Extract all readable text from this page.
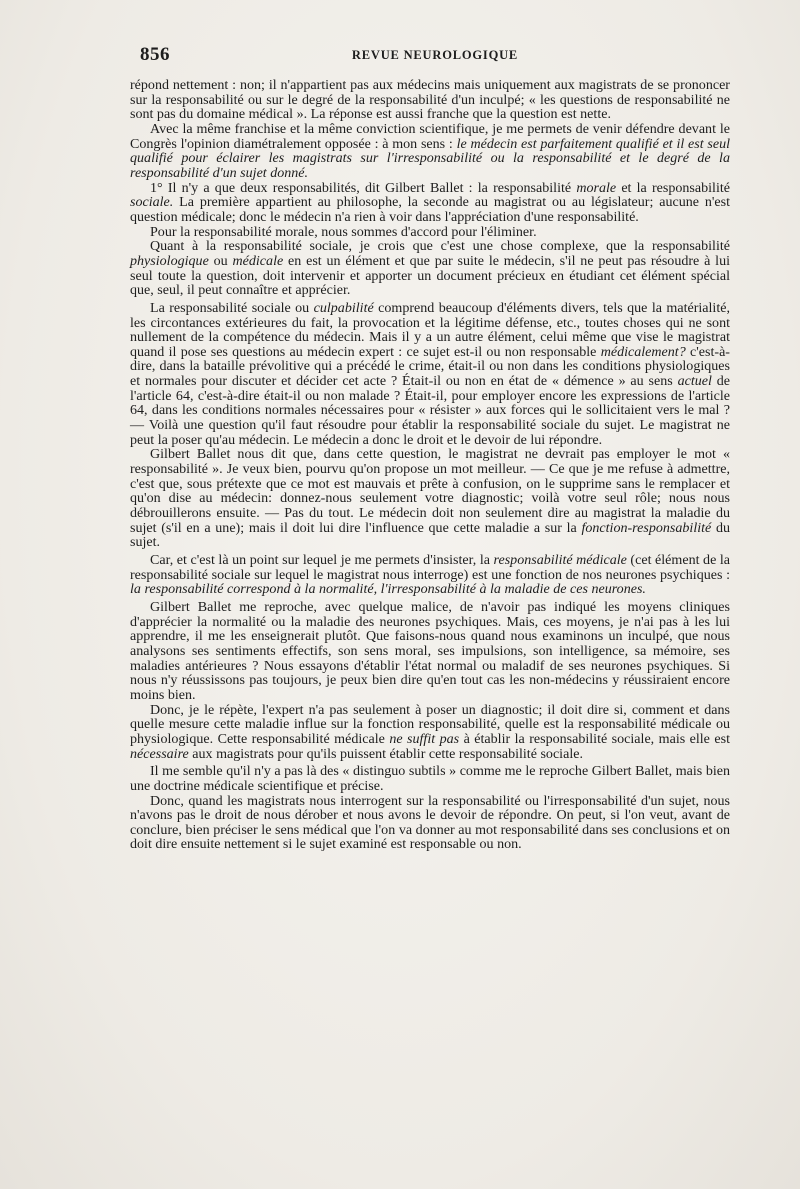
856	REVUE NEUROLOGIQUE

répond nettement : non; il n'appartient pas aux médecins mais uniquement aux magistrats de se prononcer sur la responsabilité ou sur le degré de la responsabilité d'un inculpé; « les questions de responsabilité ne sont pas du domaine médical ». La réponse est aussi franche que la question est nette.

Avec la même franchise et la même conviction scientifique, je me permets de venir défendre devant le Congrès l'opinion diamétralement opposée : à mon sens : le médecin est parfaitement qualifié et il est seul qualifié pour éclairer les magistrats sur l'irresponsabilité ou la responsabilité et le degré de la responsabilité d'un sujet donné.

1° Il n'y a que deux responsabilités, dit Gilbert Ballet : la responsabilité morale et la responsabilité sociale. La première appartient au philosophe, la seconde au magistrat ou au législateur; aucune n'est question médicale; donc le médecin n'a rien à voir dans l'appréciation d'une responsabilité.

Pour la responsabilité morale, nous sommes d'accord pour l'éliminer.

Quant à la responsabilité sociale, je crois que c'est une chose complexe, que la responsabilité physiologique ou médicale en est un élément et que par suite le médecin, s'il ne peut pas résoudre à lui seul toute la question, doit intervenir et apporter un document précieux en étudiant cet élément spécial que, seul, il peut connaître et apprécier.

La responsabilité sociale ou culpabilité comprend beaucoup d'éléments divers, tels que la matérialité, les circontances extérieures du fait, la provocation et la légitime défense, etc., toutes choses qui ne sont nullement de la compétence du médecin. Mais il y a un autre élément, celui même que vise le magistrat quand il pose ses questions au médecin expert : ce sujet est-il ou non responsable médicalement? c'est-à-dire, dans la bataille prévolitive qui a précédé le crime, était-il ou non dans les conditions physiologiques et normales pour discuter et décider cet acte ? Était-il ou non en état de « démence » au sens actuel de l'article 64, c'est-à-dire était-il ou non malade ? Était-il, pour employer encore les expressions de l'article 64, dans les conditions normales nécessaires pour « résister » aux forces qui le sollicitaient vers le mal ? — Voilà une question qu'il faut résoudre pour établir la responsabilité sociale du sujet. Le magistrat ne peut la poser qu'au médecin. Le médecin a donc le droit et le devoir de lui répondre.

Gilbert Ballet nous dit que, dans cette question, le magistrat ne devrait pas employer le mot « responsabilité ». Je veux bien, pourvu qu'on propose un mot meilleur. — Ce que je me refuse à admettre, c'est que, sous prétexte que ce mot est mauvais et prête à confusion, on le supprime sans le remplacer et qu'on dise au médecin: donnez-nous seulement votre diagnostic; voilà votre seul rôle; nous nous débrouillerons ensuite. — Pas du tout. Le médecin doit non seulement dire au magistrat la maladie du sujet (s'il en a une); mais il doit lui dire l'influence que cette maladie a sur la fonction-responsabilité du sujet.

Car, et c'est là un point sur lequel je me permets d'insister, la responsabilité médicale (cet élément de la responsabilité sociale sur lequel le magistrat nous interroge) est une fonction de nos neurones psychiques : la responsabilité correspond à la normalité, l'irresponsabilité à la maladie de ces neurones.

Gilbert Ballet me reproche, avec quelque malice, de n'avoir pas indiqué les moyens cliniques d'apprécier la normalité ou la maladie des neurones psychiques. Mais, ces moyens, je n'ai pas à les lui apprendre, il me les enseignerait plutôt. Que faisons-nous quand nous examinons un inculpé, que nous analysons ses sentiments effectifs, son sens moral, ses impulsions, son intelligence, sa mémoire, ses maladies antérieures ? Nous essayons d'établir l'état normal ou maladif de ses neurones psychiques. Si nous n'y réussissons pas toujours, je peux bien dire qu'en tout cas les non-médecins y réussiraient encore moins bien.

Donc, je le répète, l'expert n'a pas seulement à poser un diagnostic; il doit dire si, comment et dans quelle mesure cette maladie influe sur la fonction responsabilité, quelle est la responsabilité médicale ou physiologique. Cette responsabilité médicale ne suffit pas à établir la responsabilité sociale, mais elle est nécessaire aux magistrats pour qu'ils puissent établir cette responsabilité sociale.

Il me semble qu'il n'y a pas là des « distinguo subtils » comme me le reproche Gilbert Ballet, mais bien une doctrine médicale scientifique et précise.

Donc, quand les magistrats nous interrogent sur la responsabilité ou l'irresponsabilité d'un sujet, nous n'avons pas le droit de nous dérober et nous avons le devoir de répondre. On peut, si l'on veut, avant de conclure, bien préciser le sens médical que l'on va donner au mot responsabilité dans ses conclusions et on doit dire ensuite nettement si le sujet examiné est responsable ou non.
